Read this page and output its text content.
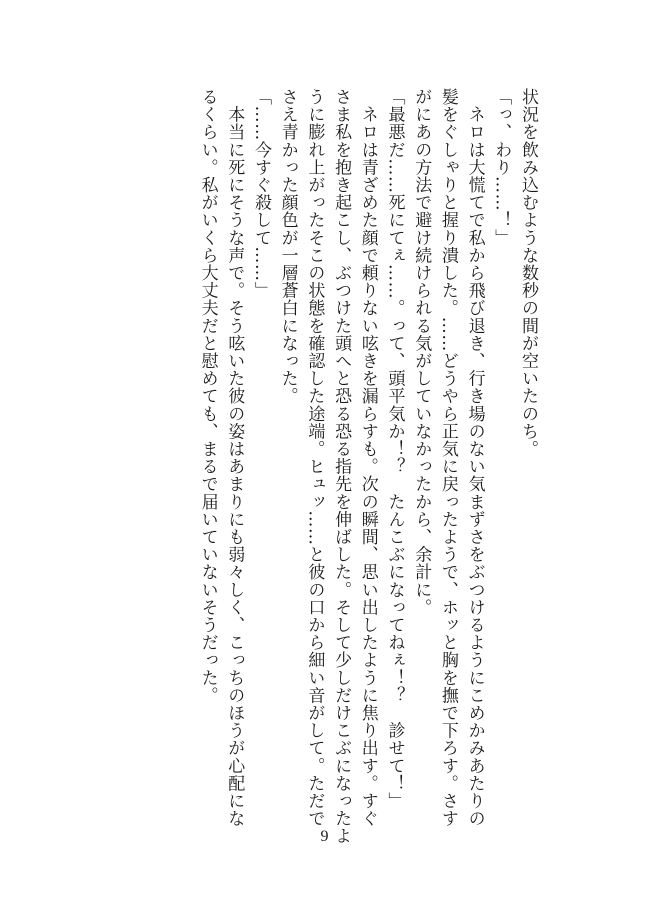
状況を飲み込むような数秒の間が空いたのち。
「っ、わり……！」
　ネロは大慌てで私から飛び退き、行き場のない気まずさをぶつけるようにこめかみあたりの
髪をぐしゃりと握り潰した。……どうやら正気に戻ったようで、ホッと胸を撫で下ろす。さす
がにあの方法で避け続けられる気がしていなかったから、余計に。
「最悪だ……死にてぇ……。って、頭平気か！？　たんこぶになってねぇ！？　診せて！」
　ネロは青ざめた顔で頼りない呟きを漏らすも。次の瞬間、思い出したように焦り出す。すぐ
さま私を抱き起こし、ぶつけた頭へと恐る恐る指先を伸ばした。そして少しだけこぶになったよ
うに膨れ上がったそこの状態を確認した途端。ヒュッ……と彼の口から細い音がして。ただで
さえ青かった顔色が一層蒼白になった。
「……今すぐ殺して……」
　本当に死にそうな声で。そう呟いた彼の姿はあまりにも弱々しく、こっちのほうが心配にな
るくらい。私がいくら大丈夫だと慰めても、まるで届いていないそうだった。
9
